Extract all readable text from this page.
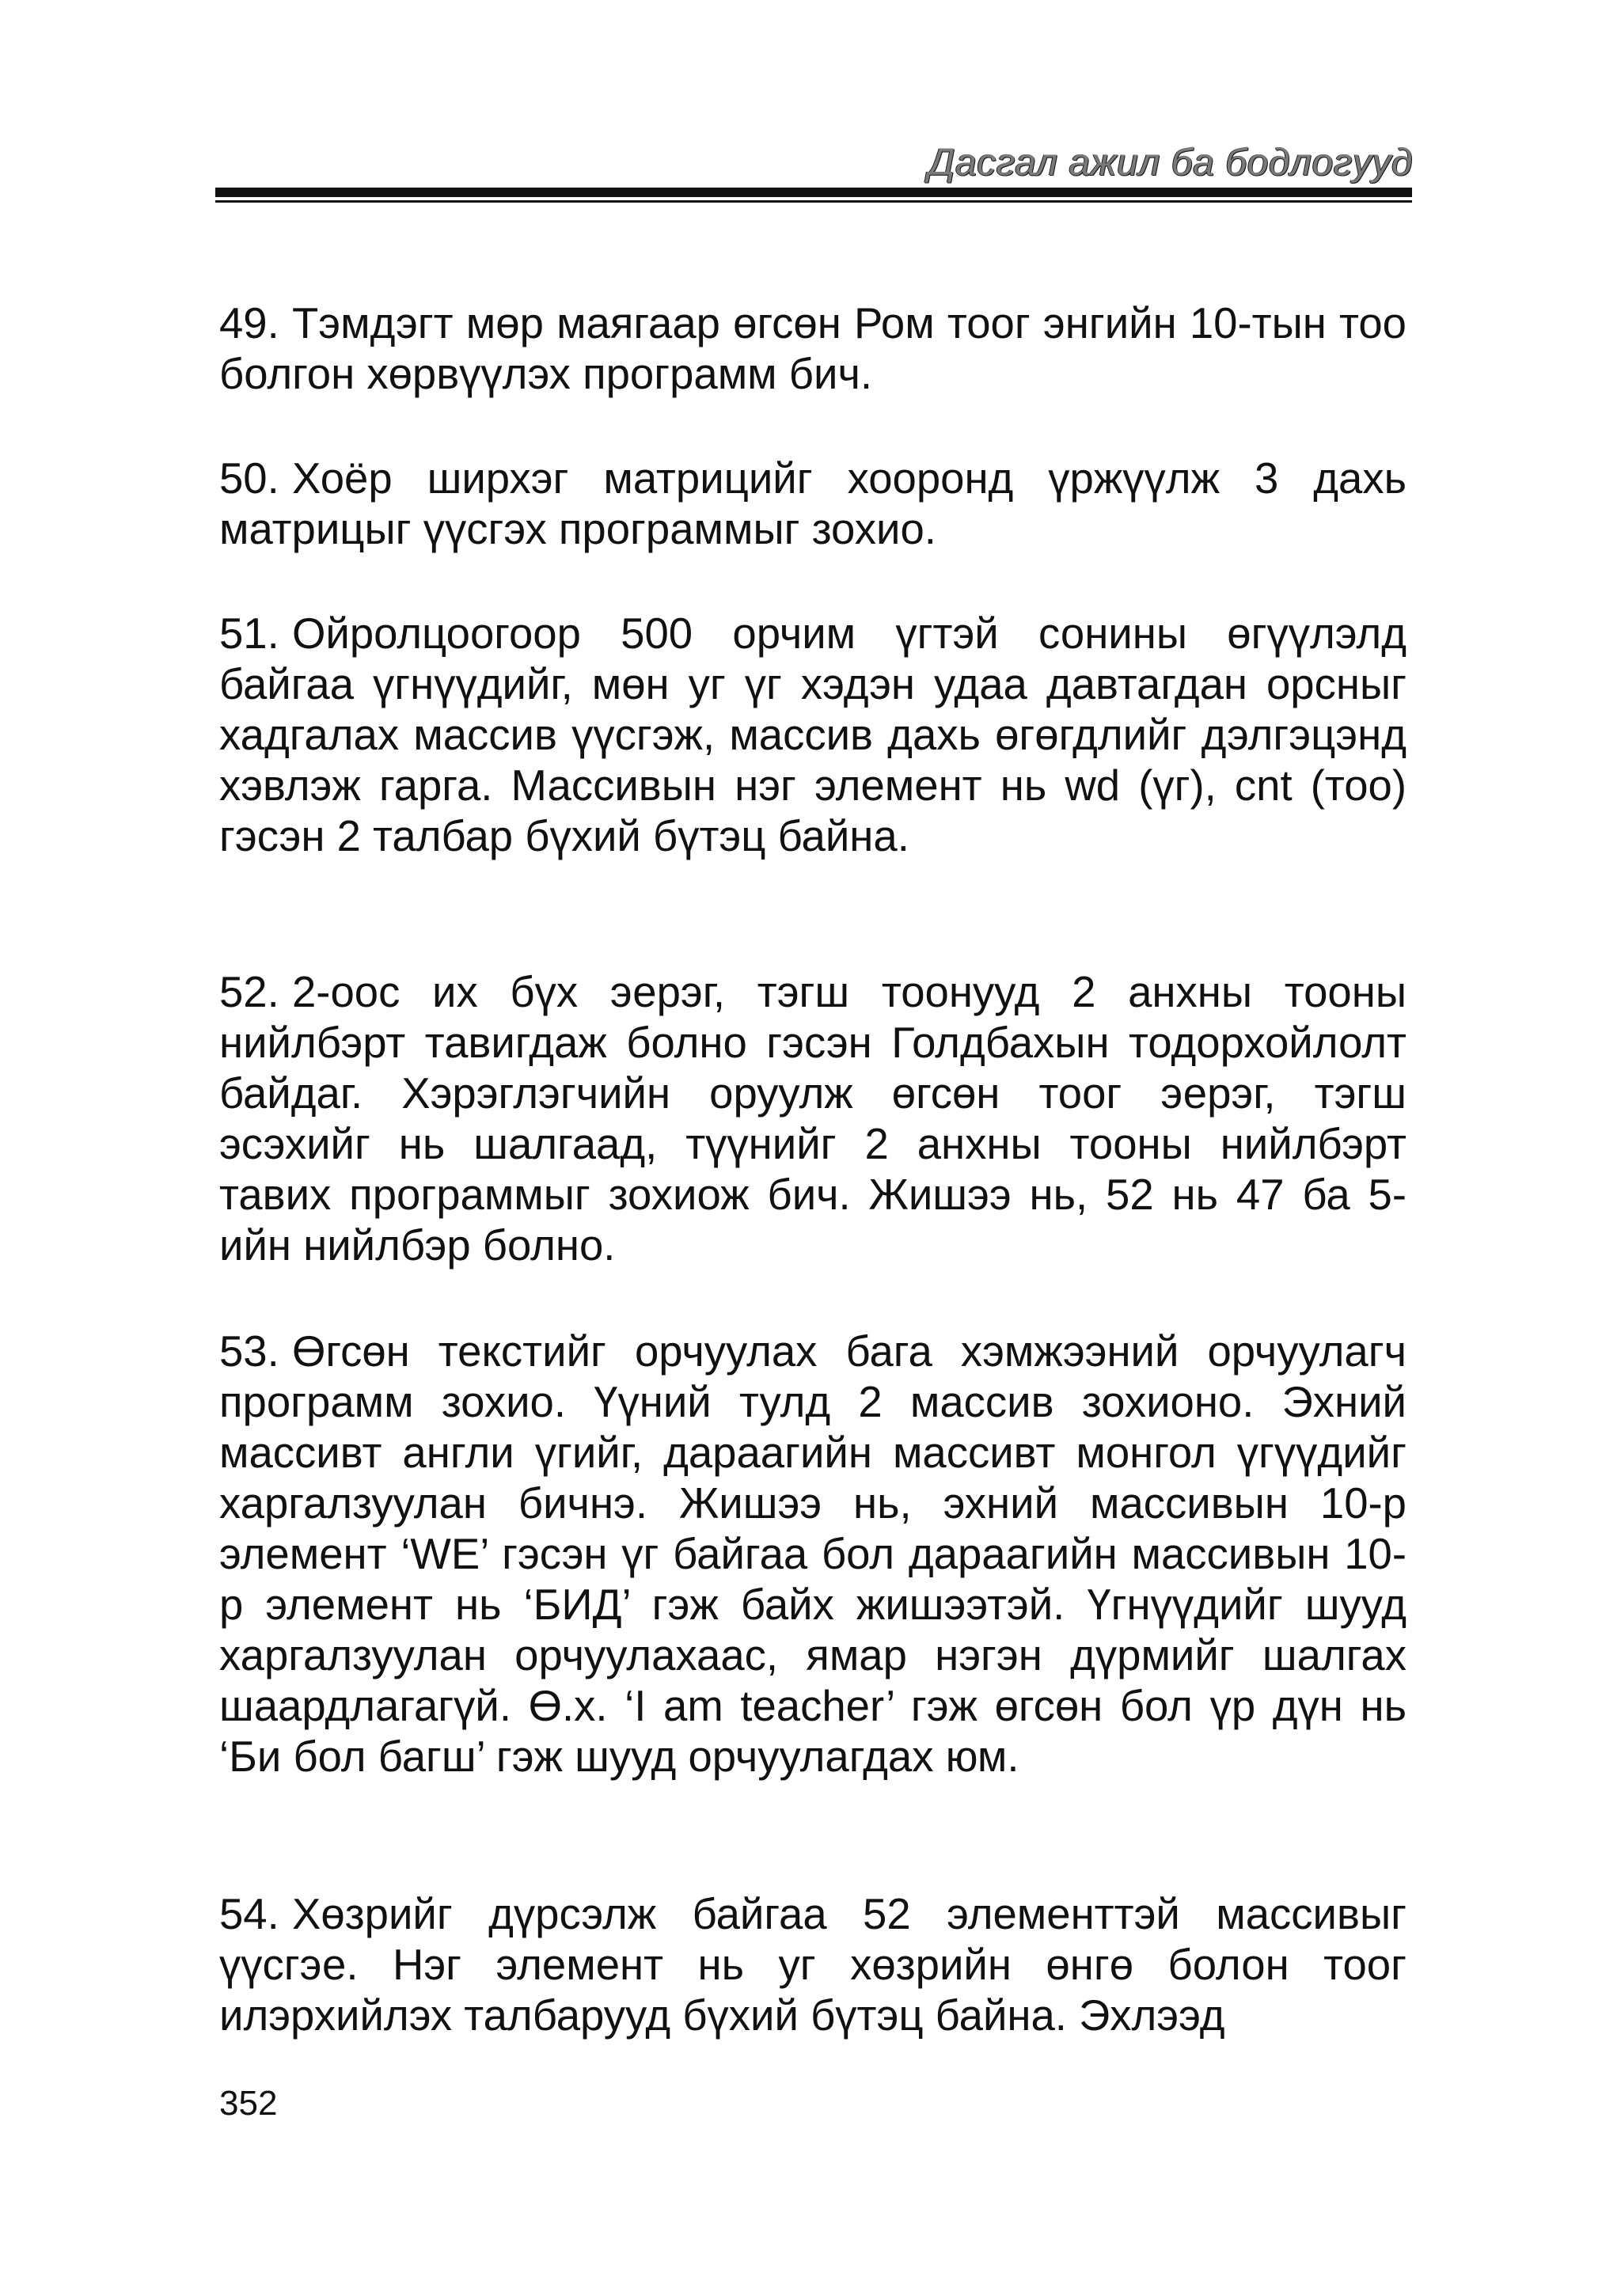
Дасгал ажил ба бодлогууд
49. Тэмдэгт мөр маягаар өгсөн Ром тоог энгийн 10-тын тоо болгон хөрвүүлэх программ бич.
50. Хоёр ширхэг матрицийг хооронд үржүүлж 3 дахь матрицыг үүсгэх программыг зохио.
51. Ойролцоогоор 500 орчим үгтэй сонины өгүүлэлд байгаа үгнүүдийг, мөн уг үг хэдэн удаа давтагдан орсныг хадгалах массив үүсгэж, массив дахь өгөгдлийг дэлгэцэнд хэвлэж гарга. Массивын нэг элемент нь wd (үг), cnt (тоо) гэсэн 2 талбар бүхий бүтэц байна.
52. 2-оос их бүх эерэг, тэгш тоонууд 2 анхны тооны нийлбэрт тавигдаж болно гэсэн Голдбахын тодорхойлолт байдаг. Хэрэглэгчийн оруулж өгсөн тоог эерэг, тэгш эсэхийг нь шалгаад, түүнийг 2 анхны тооны нийлбэрт тавих программыг зохиож бич. Жишээ нь, 52 нь 47 ба 5-ийн нийлбэр болно.
53. Өгсөн текстийг орчуулах бага хэмжээний орчуулагч программ зохио. Үүний тулд 2 массив зохионо. Эхний массивт англи үгийг, дараагийн массивт монгол үгүүдийг харгалзуулан бичнэ. Жишээ нь, эхний массивын 10-р элемент ‘WE’ гэсэн үг байгаа бол дараагийн массивын 10-р элемент нь ‘БИД’ гэж байх жишээтэй. Үгнүүдийг шууд харгалзуулан орчуулахаас, ямар нэгэн дүрмийг шалгах шаардлагагүй. Ө.х. ‘I am teacher’ гэж өгсөн бол үр дүн нь ‘Би бол багш’ гэж шууд орчуулагдах юм.
54. Хөзрийг дүрсэлж байгаа 52 элементтэй массивыг үүсгэе. Нэг элемент нь уг хөзрийн өнгө болон тоог илэрхийлэх талбарууд бүхий бүтэц байна. Эхлээд
352
